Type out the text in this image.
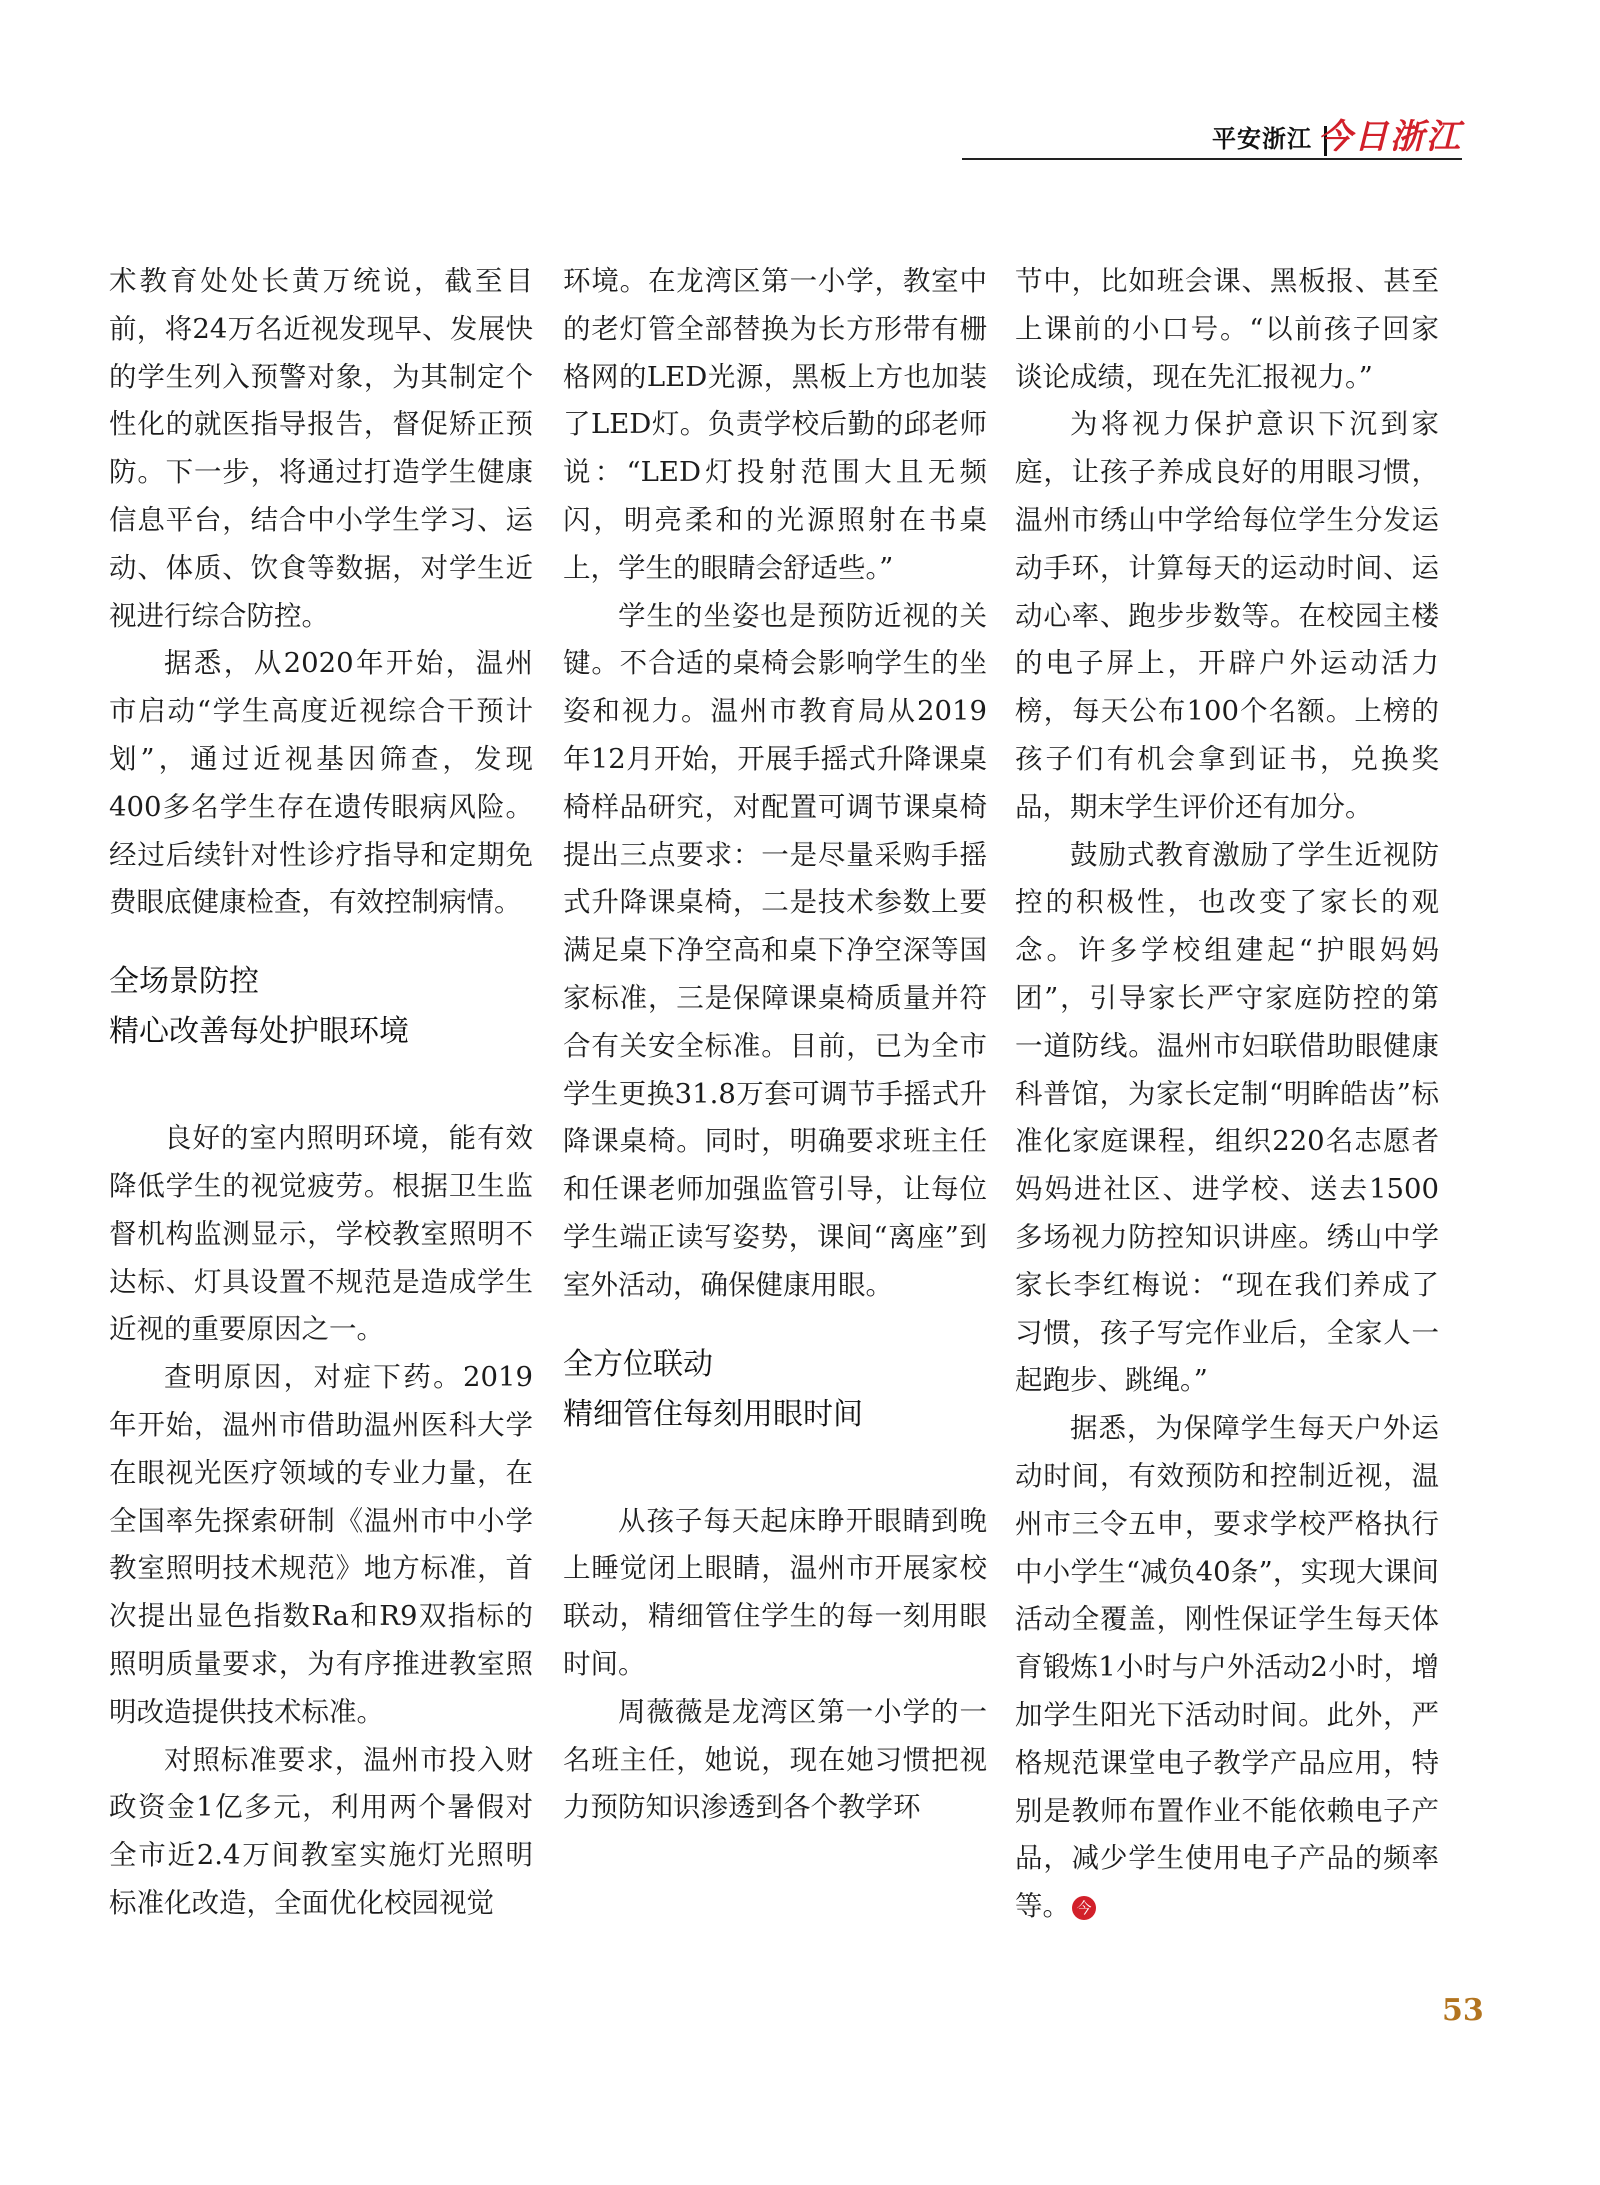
平安浙江 今日浙江

术教育处处长黄万统说，截至目前，将24万名近视发现早、发展快的学生列入预警对象，为其制定个性化的就医指导报告，督促矫正预防。下一步，将通过打造学生健康信息平台，结合中小学生学习、运动、体质、饮食等数据，对学生近视进行综合防控。

据悉，从2020年开始，温州市启动“学生高度近视综合干预计划”，通过近视基因筛查，发现400多名学生存在遗传眼病风险。经过后续针对性诊疗指导和定期免费眼底健康检查，有效控制病情。

全场景防控
精心改善每处护眼环境

良好的室内照明环境，能有效降低学生的视觉疲劳。根据卫生监督机构监测显示，学校教室照明不达标、灯具设置不规范是造成学生近视的重要原因之一。

查明原因，对症下药。2019年开始，温州市借助温州医科大学在眼视光医疗领域的专业力量，在全国率先探索研制《温州市中小学教室照明技术规范》地方标准，首次提出显色指数Ra和R9双指标的照明质量要求，为有序推进教室照明改造提供技术标准。

对照标准要求，温州市投入财政资金1亿多元，利用两个暑假对全市近2.4万间教室实施灯光照明标准化改造，全面优化校园视觉

环境。在龙湾区第一小学，教室中的老灯管全部替换为长方形带有栅格网的LED光源，黑板上方也加装了LED灯。负责学校后勤的邱老师说：“LED灯投射范围大且无频闪，明亮柔和的光源照射在书桌上，学生的眼睛会舒适些。”

学生的坐姿也是预防近视的关键。不合适的桌椅会影响学生的坐姿和视力。温州市教育局从2019年12月开始，开展手摇式升降课桌椅样品研究，对配置可调节课桌椅提出三点要求：一是尽量采购手摇式升降课桌椅，二是技术参数上要满足桌下净空高和桌下净空深等国家标准，三是保障课桌椅质量并符合有关安全标准。目前，已为全市学生更换31.8万套可调节手摇式升降课桌椅。同时，明确要求班主任和任课老师加强监管引导，让每位学生端正读写姿势，课间“离座”到室外活动，确保健康用眼。

全方位联动
精细管住每刻用眼时间

从孩子每天起床睁开眼睛到晚上睡觉闭上眼睛，温州市开展家校联动，精细管住学生的每一刻用眼时间。

周薇薇是龙湾区第一小学的一名班主任，她说，现在她习惯把视力预防知识渗透到各个教学环

节中，比如班会课、黑板报、甚至上课前的小口号。“以前孩子回家谈论成绩，现在先汇报视力。”

为将视力保护意识下沉到家庭，让孩子养成良好的用眼习惯，温州市绣山中学给每位学生分发运动手环，计算每天的运动时间、运动心率、跑步步数等。在校园主楼的电子屏上，开辟户外运动活力榜，每天公布100个名额。上榜的孩子们有机会拿到证书，兑换奖品，期末学生评价还有加分。

鼓励式教育激励了学生近视防控的积极性，也改变了家长的观念。许多学校组建起“护眼妈妈团”，引导家长严守家庭防控的第一道防线。温州市妇联借助眼健康科普馆，为家长定制“明眸皓齿”标准化家庭课程，组织220名志愿者妈妈进社区、进学校、送去1500多场视力防控知识讲座。绣山中学家长李红梅说：“现在我们养成了习惯，孩子写完作业后，全家人一起跑步、跳绳。”

据悉，为保障学生每天户外运动时间，有效预防和控制近视，温州市三令五申，要求学校严格执行中小学生“减负40条”，实现大课间活动全覆盖，刚性保证学生每天体育锻炼1小时与户外活动2小时，增加学生阳光下活动时间。此外，严格规范课堂电子教学产品应用，特别是教师布置作业不能依赖电子产品，减少学生使用电子产品的频率等。 今

53
